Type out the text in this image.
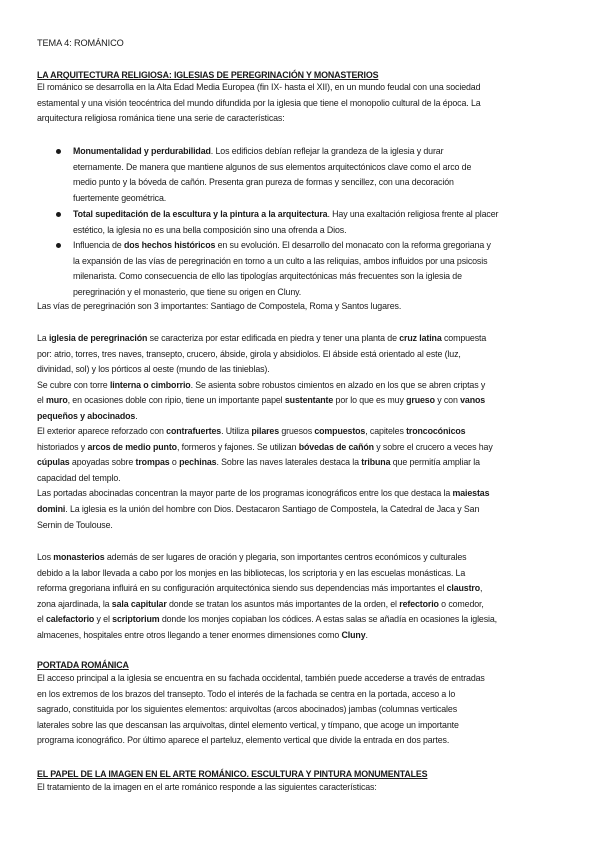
TEMA 4: ROMÁNICO
LA ARQUITECTURA RELIGIOSA: IGLESIAS DE PEREGRINACIÓN Y MONASTERIOS
El románico se desarrolla en la Alta Edad Media Europea (fin IX- hasta el XII), en un mundo feudal con una sociedad
estamental y una visión teocéntrica del mundo difundida por la iglesia que tiene el monopolio cultural de la época. La
arquitectura religiosa románica tiene una serie de características:
Monumentalidad y perdurabilidad. Los edificios debían reflejar la grandeza de la iglesia y durar
eternamente. De manera que mantiene algunos de sus elementos arquitectónicos clave como el arco de
medio punto y la bóveda de cañón. Presenta gran pureza de formas y sencillez, con una decoración
fuertemente geométrica.
Total supeditación de la escultura y la pintura a la arquitectura. Hay una exaltación religiosa frente al placer
estético, la iglesia no es una bella composición sino una ofrenda a Dios.
Influencia de dos hechos históricos en su evolución. El desarrollo del monacato con la reforma gregoriana y
la expansión de las vías de peregrinación en torno a un culto a las reliquias, ambos influidos por una psicosis
milenarista. Como consecuencia de ello las tipologías arquitectónicas más frecuentes son la iglesia de
peregrinación y el monasterio, que tiene su origen en Cluny.
Las vías de peregrinación son 3 importantes: Santiago de Compostela, Roma y Santos lugares.
La iglesia de peregrinación se caracteriza por estar edificada en piedra y tener una planta de cruz latina compuesta
por: atrio, torres, tres naves, transepto, crucero, ábside, girola y absidiolos. El ábside está orientado al este (luz,
divinidad, sol) y los pórticos al oeste (mundo de las tinieblas).
Se cubre con torre linterna o cimborrio. Se asienta sobre robustos cimientos en alzado en los que se abren criptas y
el muro, en ocasiones doble con ripio, tiene un importante papel sustentante por lo que es muy grueso y con vanos
pequeños y abocinados.
El exterior aparece reforzado con contrafuertes. Utiliza pilares gruesos compuestos, capiteles troncocónicos
historiados y arcos de medio punto, formeros y fajones. Se utilizan bóvedas de cañón y sobre el crucero a veces hay
cúpulas apoyadas sobre trompas o pechinas. Sobre las naves laterales destaca la tribuna que permitía ampliar la
capacidad del templo.
Las portadas abocinadas concentran la mayor parte de los programas iconográficos entre los que destaca la maiestas
domini. La iglesia es la unión del hombre con Dios. Destacaron Santiago de Compostela, la Catedral de Jaca y San
Sernin de Toulouse.
Los monasterios además de ser lugares de oración y plegaria, son importantes centros económicos y culturales
debido a la labor llevada a cabo por los monjes en las bibliotecas, los scriptoria y en las escuelas monásticas. La
reforma gregoriana influirá en su configuración arquitectónica siendo sus dependencias más importantes el claustro,
zona ajardinada, la sala capitular donde se tratan los asuntos más importantes de la orden, el refectorio o comedor,
el calefactorio y el scriptorium donde los monjes copiaban los códices. A estas salas se añadía en ocasiones la iglesia,
almacenes, hospitales entre otros llegando a tener enormes dimensiones como Cluny.
PORTADA ROMÁNICA
El acceso principal a la iglesia se encuentra en su fachada occidental, también puede accederse a través de entradas
en los extremos de los brazos del transepto. Todo el interés de la fachada se centra en la portada, acceso a lo
sagrado, constituida por los siguientes elementos: arquivoltas (arcos abocinados) jambas (columnas verticales
laterales sobre las que descansan las arquivoltas, dintel elemento vertical, y tímpano, que acoge un importante
programa iconográfico. Por último aparece el parteluz, elemento vertical que divide la entrada en dos partes.
EL PAPEL DE LA IMAGEN EN EL ARTE ROMÁNICO. ESCULTURA Y PINTURA MONUMENTALES
El tratamiento de la imagen en el arte románico responde a las siguientes características:
